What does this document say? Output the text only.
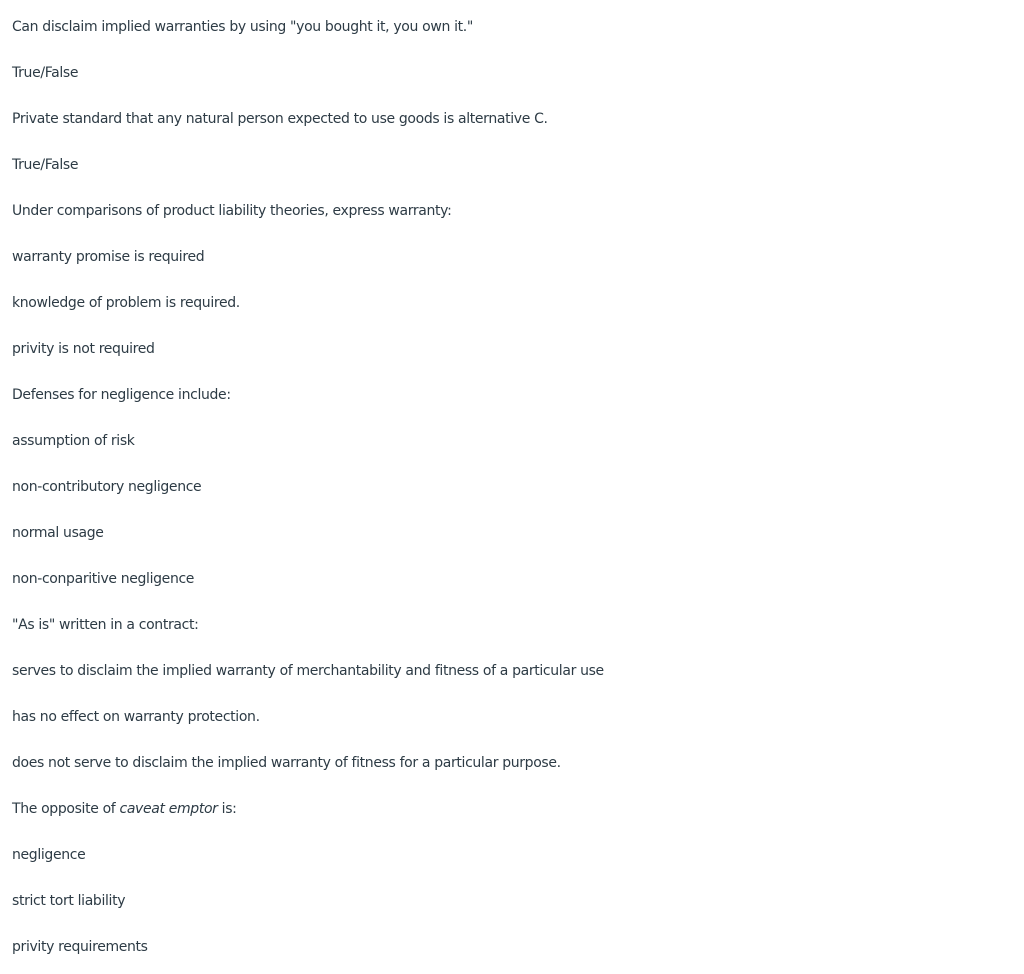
Can disclaim implied warranties by using "you bought it, you own it."
True/False
Private standard that any natural person expected to use goods is alternative C.
True/False
Under comparisons of product liability theories, express warranty:
warranty promise is required
knowledge of problem is required.
privity is not required
Defenses for negligence include:
assumption of risk
non-contributory negligence
normal usage
non-conparitive negligence
"As is" written in a contract:
serves to disclaim the implied warranty of merchantability and fitness of a particular use
has no effect on warranty protection.
does not serve to disclaim the implied warranty of fitness for a particular purpose.
The opposite of caveat emptor is:
negligence
strict tort liability
privity requirements
